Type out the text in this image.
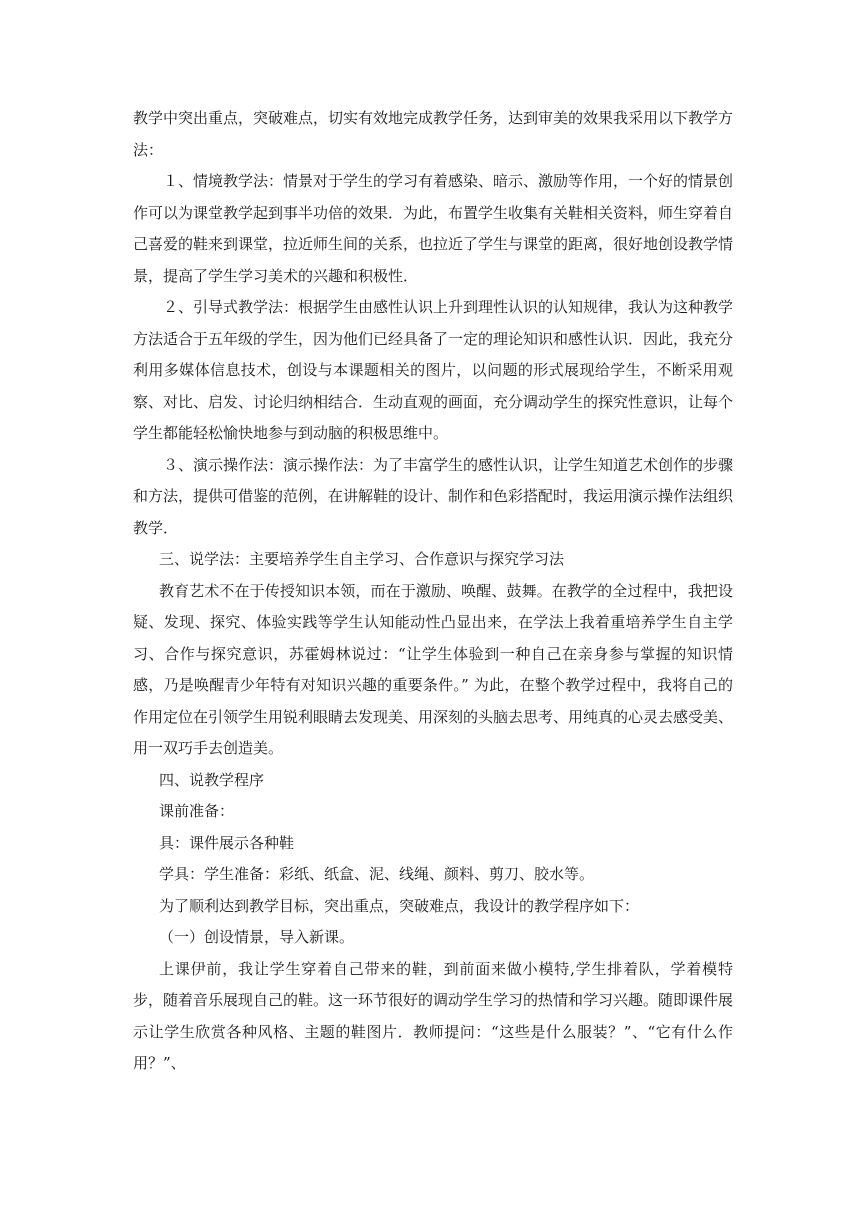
教学中突出重点，突破难点，切实有效地完成教学任务，达到审美的效果我采用以下教学方法：

１、情境教学法：情景对于学生的学习有着感染、暗示、激励等作用，一个好的情景创作可以为课堂教学起到事半功倍的效果．为此，布置学生收集有关鞋相关资料，师生穿着自己喜爱的鞋来到课堂，拉近师生间的关系，也拉近了学生与课堂的距离，很好地创设教学情景，提高了学生学习美术的兴趣和积极性．

２、引导式教学法：根据学生由感性认识上升到理性认识的认知规律，我认为这种教学方法适合于五年级的学生，因为他们已经具备了一定的理论知识和感性认识．因此，我充分利用多媒体信息技术，创设与本课题相关的图片，以问题的形式展现给学生，不断采用观察、对比、启发、讨论归纳相结合．生动直观的画面，充分调动学生的探究性意识，让每个学生都能轻松愉快地参与到动脑的积极思维中。

３、演示操作法：演示操作法：为了丰富学生的感性认识，让学生知道艺术创作的步骤和方法，提供可借鉴的范例，在讲解鞋的设计、制作和色彩搭配时，我运用演示操作法组织教学．

三、说学法：主要培养学生自主学习、合作意识与探究学习法

教育艺术不在于传授知识本领，而在于激励、唤醒、鼓舞。在教学的全过程中，我把设疑、发现、探究、体验实践等学生认知能动性凸显出来，在学法上我着重培养学生自主学习、合作与探究意识，苏霍姆林说过：“让学生体验到一种自己在亲身参与掌握的知识情感，乃是唤醒青少年特有对知识兴趣的重要条件。” 为此，在整个教学过程中，我将自己的作用定位在引领学生用锐利眼睛去发现美、用深刻的头脑去思考、用纯真的心灵去感受美、用一双巧手去创造美。

四、说教学程序

课前准备：

具：课件展示各种鞋

学具：学生准备：彩纸、纸盒、泥、线绳、颜料、剪刀、胶水等。

为了顺利达到教学目标，突出重点，突破难点，我设计的教学程序如下：

（一）创设情景，导入新课。

上课伊前，我让学生穿着自己带来的鞋，到前面来做小模特,学生排着队，学着模特步，随着音乐展现自己的鞋。这一环节很好的调动学生学习的热情和学习兴趣。随即课件展示让学生欣赏各种风格、主题的鞋图片．教师提问：“这些是什么服装？”、“它有什么作用？”、
